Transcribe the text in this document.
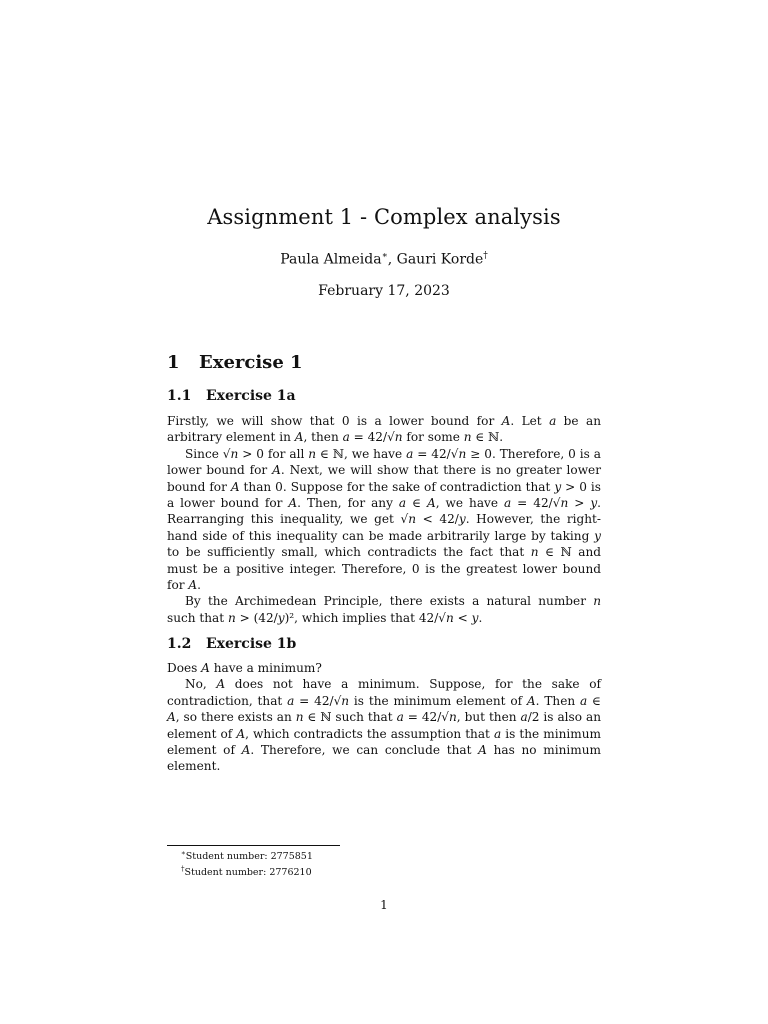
Assignment 1 - Complex analysis
Paula Almeida∗, Gauri Korde†
February 17, 2023
1 Exercise 1
1.1 Exercise 1a

Firstly, we will show that 0 is a lower bound for 𝐴. Let 𝑎 be an arbitrary element in 𝐴, then 𝑎 = 42/√𝑛 for some 𝑛 ∈ ℕ.

Since √𝑛 > 0 for all 𝑛 ∈ ℕ, we have 𝑎 = 42/√𝑛 ≥ 0. Therefore, 0 is a lower bound for 𝐴. Next, we will show that there is no greater lower bound for 𝐴 than 0. Suppose for the sake of contradiction that 𝑦 > 0 is a lower bound for 𝐴. Then, for any 𝑎 ∈ 𝐴, we have 𝑎 = 42/√𝑛 > 𝑦. Rearranging this inequality, we get √𝑛 < 42/𝑦. However, the right-hand side of this inequality can be made arbitrarily large by taking 𝑦 to be sufficiently small, which contradicts the fact that 𝑛 ∈ ℕ and must be a positive integer. Therefore, 0 is the greatest lower bound for 𝐴.

By the Archimedean Principle, there exists a natural number 𝑛 such that 𝑛 > (42/𝑦)², which implies that 42/√𝑛 < 𝑦.

1.2 Exercise 1b

Does 𝐴 have a minimum?

No, 𝐴 does not have a minimum. Suppose, for the sake of contradiction, that 𝑎 = 42/√𝑛 is the minimum element of 𝐴. Then 𝑎 ∈ 𝐴, so there exists an 𝑛 ∈ ℕ such that 𝑎 = 42/√𝑛, but then 𝑎/2 is also an element of 𝐴, which contradicts the assumption that 𝑎 is the minimum element of 𝐴. Therefore, we can conclude that 𝐴 has no minimum element.

∗Student number: 2775851
†Student number: 2776210
1
